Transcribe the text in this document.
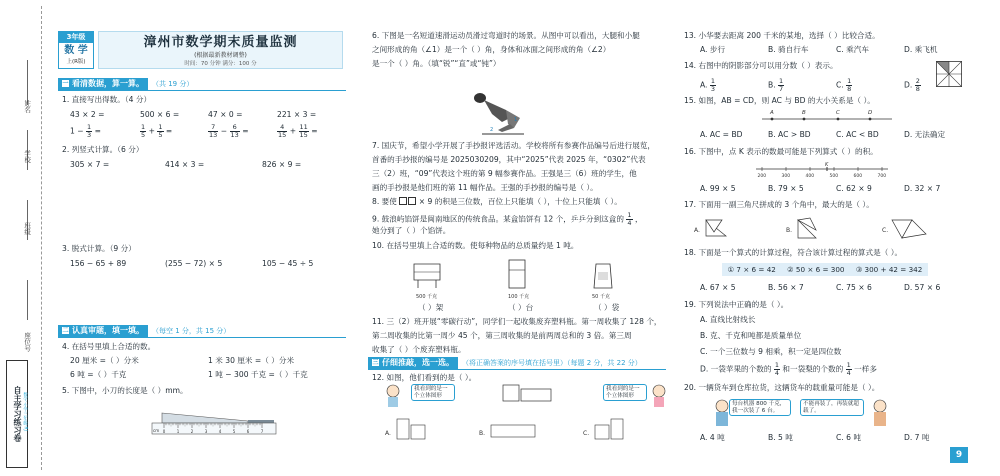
姓名
学校
班级
座位号
自主学习练习卷 数学·小学三年级·RJ
3年级
数 学
上(R版)
漳州市数学期末质量监测
(根据最新教材调整)
时间：70 分钟 满分：100 分
一 看清数据，算一算。	（共 19 分）
1. 直接写出得数。（4 分）
43 × 2 =	500 × 6 =	47 × 0 =	221 × 3 =
$1 - \frac{1}{3}$ =	$\frac{1}{5} + \frac{1}{5}$ =	$\frac{7}{13} - \frac{6}{13}$ =	$\frac{4}{15} + \frac{11}{15}$ =
2. 列竖式计算。（6 分）
305 × 7 =	414 × 3 =	826 × 9 =
3. 脱式计算。（9 分）
156 − 65 + 89	(255 − 72) × 5	105 − 45 ÷ 5
二 认真审题，填一填。	（每空 1 分，共 15 分）
4. 在括号里填上合适的数。
20 厘米 =（ ）分米	1 米 30 厘米 =（ ）分米
6 吨 =（ ）千克	1 吨 − 300 千克 =（ ）千克
5. 下图中，小刀的长度是（ ）mm。
cm 0	1	2	3	4	5	6	7
6. 下图是一名短道速滑运动员滑过弯道时的场景。从图中可以看出，大腿和小腿
之间形成的角（∠1）是一个（ ）角，身体和冰面之间形成的角（∠2）
是一个（ ）角。（填“锐”“直”或“钝”）
1
2
7. 国庆节，希望小学开展了手抄报评选活动。学校将所有参赛作品编号后进行展览，
首番的手抄报的编号是 2025030209，其中“2025”代表 2025 年，“0302”代表
三（2）班，“09”代表这个班的第 9 幅参赛作品。王强是三（6）班的学生，他
画的手抄报是他们班的第 11 幅作品。王强的手抄报的编号是（ ）。
8. 要使	× 9 的积是三位数，百位上只能填（ ），十位上只能填（ ）。
9. 鼓浪屿馅饼是闽南地区的传统食品。某盒馅饼有 12 个，乒乒分到这盒的 $\frac{1}{4}$ ，
她分到了（ ）个馅饼。
10. 在括号里填上合适的数。使每种物品的总质量约是 1 吨。
500 千克	100 千克	50 千克
（ ）架	（ ）台	（ ）袋
11. 三（2）班开展“零碳行动”，同学们一起收集废弃塑料瓶。第一周收集了 128 个，
第二周收集的比第一周少 45 个，第三周收集的是前两周总和的 3 倍。第三周
收集了（ ）个废弃塑料瓶。
三 仔细推敲，选一选。	（将正确答案的序号填在括号里）（每题 2 分，共 22 分）
12. 如图，他们看到的是（ ）。
A.	B.	C.
我看到的是一个立体图形
我看到的是一个立体图形
13. 小华要去距离 200 千米的某地，选择（ ）比较合适。
A. 步行	B. 骑自行车	C. 乘汽车	D. 乘飞机
14. 右图中的阴影部分可以用分数（ ）表示。
A. $\frac{1}{3}$	B. $\frac{1}{7}$	C. $\frac{1}{8}$	D. $\frac{2}{8}$
15. 如图，AB = CD，则 AC 与 BD 的大小关系是（ ）。
A	B	C	D
A. AC = BD	B. AC > BD	C. AC < BD	D. 无法确定
16. 下图中，点 K 表示的数最可能是下列算式（ ）的积。
200	300	400	500	600	700
K
A. 99 × 5	B. 79 × 5	C. 62 × 9	D. 32 × 7
17. 下面用一副三角尺拼成的 3 个角中，最大的是（ ）。
A.	B.	C.
18. 下面是一个算式的计算过程，符合该计算过程的算式是（ ）。
① 7 × 6 = 42 ② 50 × 6 = 300 ③ 300 + 42 = 342
A. 67 × 5	B. 56 × 7	C. 75 × 6	D. 57 × 6
19. 下列说法中正确的是（ ）。
A. 直线比射线长
B. 克、千克和吨都是质量单位
C. 一个三位数与 9 相乘，积一定是四位数
D. 一袋苹果的个数的 $\frac{1}{4}$ 和一袋梨的个数的 $\frac{1}{4}$ 一样多
20. 一辆货车到仓库拉货，这辆货车的载重量可能是（ ）。
每台机器 800 千克，我一次装了 6 台。
不能再装了，再装就超载了。
A. 4 吨	B. 5 吨	C. 6 吨	D. 7 吨
9
